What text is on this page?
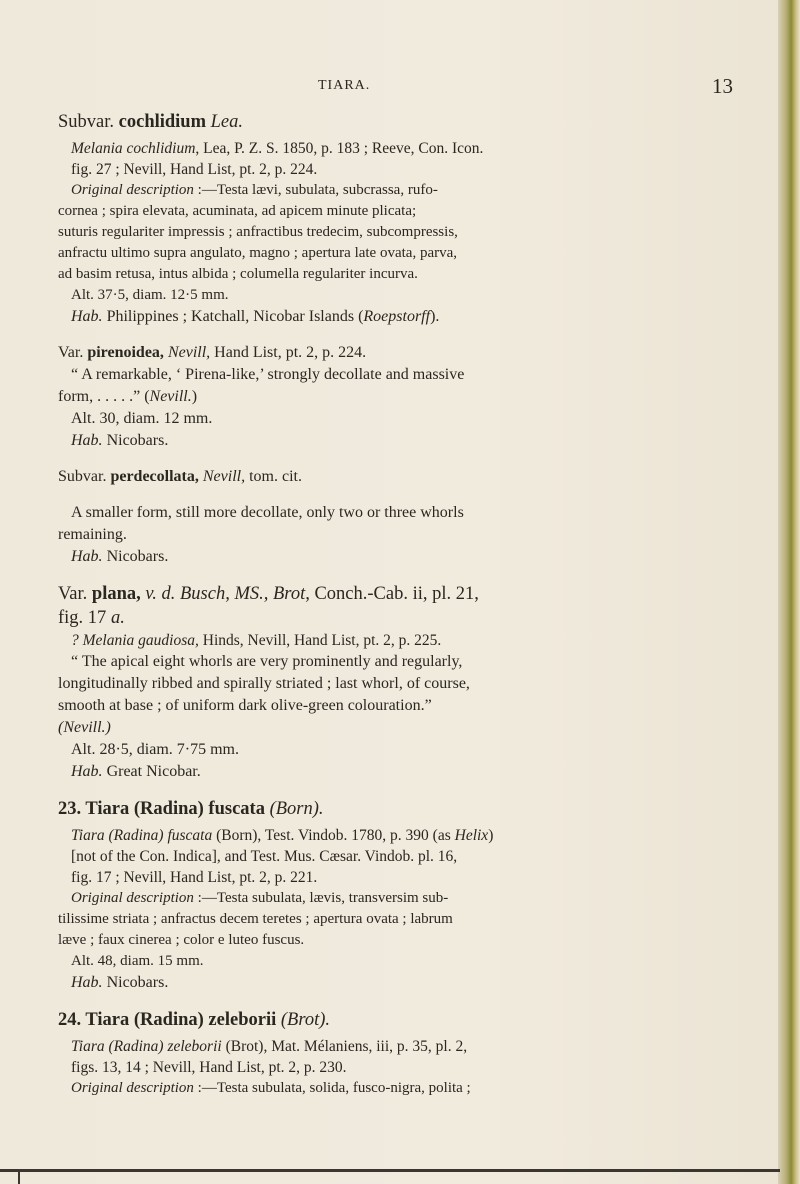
TIARA.	13

Subvar. cochlidium Lea.

Melania cochlidium, Lea, P. Z. S. 1850, p. 183 ; Reeve, Con. Icon.

fig. 27 ; Nevill, Hand List, pt. 2, p. 224.

Original description :—Testa lævi, subulata, subcrassa, rufo-

cornea ; spira elevata, acuminata, ad apicem minute plicata;

suturis regulariter impressis ; anfractibus tredecim, subcompressis,

anfractu ultimo supra angulato, magno ; apertura late ovata, parva,

ad basim retusa, intus albida ; columella regulariter incurva.

Alt. 37·5, diam. 12·5 mm.

Hab. Philippines ; Katchall, Nicobar Islands (Roepstorff).

Var. pirenoidea, Nevill, Hand List, pt. 2, p. 224.

“ A remarkable, ‘ Pirena-like,’ strongly decollate and massive

form, . . . . .” (Nevill.)

Alt. 30, diam. 12 mm.

Hab. Nicobars.

Subvar. perdecollata, Nevill, tom. cit.

A smaller form, still more decollate, only two or three whorls

remaining.

Hab. Nicobars.

Var. plana, v. d. Busch, MS., Brot, Conch.-Cab. ii, pl. 21,

fig. 17 a.

? Melania gaudiosa, Hinds, Nevill, Hand List, pt. 2, p. 225.

“ The apical eight whorls are very prominently and regularly,

longitudinally ribbed and spirally striated ; last whorl, of course,

smooth at base ; of uniform dark olive-green colouration.”

(Nevill.)

Alt. 28·5, diam. 7·75 mm.

Hab. Great Nicobar.

23. Tiara (Radina) fuscata (Born).

Tiara (Radina) fuscata (Born), Test. Vindob. 1780, p. 390 (as Helix)

[not of the Con. Indica], and Test. Mus. Cæsar. Vindob. pl. 16,

fig. 17 ; Nevill, Hand List, pt. 2, p. 221.

Original description :—Testa subulata, lævis, transversim sub-

tilissime striata ; anfractus decem teretes ; apertura ovata ; labrum

læve ; faux cinerea ; color e luteo fuscus.

Alt. 48, diam. 15 mm.

Hab. Nicobars.

24. Tiara (Radina) zeleborii (Brot).

Tiara (Radina) zeleborii (Brot), Mat. Mélaniens, iii, p. 35, pl. 2,

figs. 13, 14 ; Nevill, Hand List, pt. 2, p. 230.

Original description :—Testa subulata, solida, fusco-nigra, polita ;
